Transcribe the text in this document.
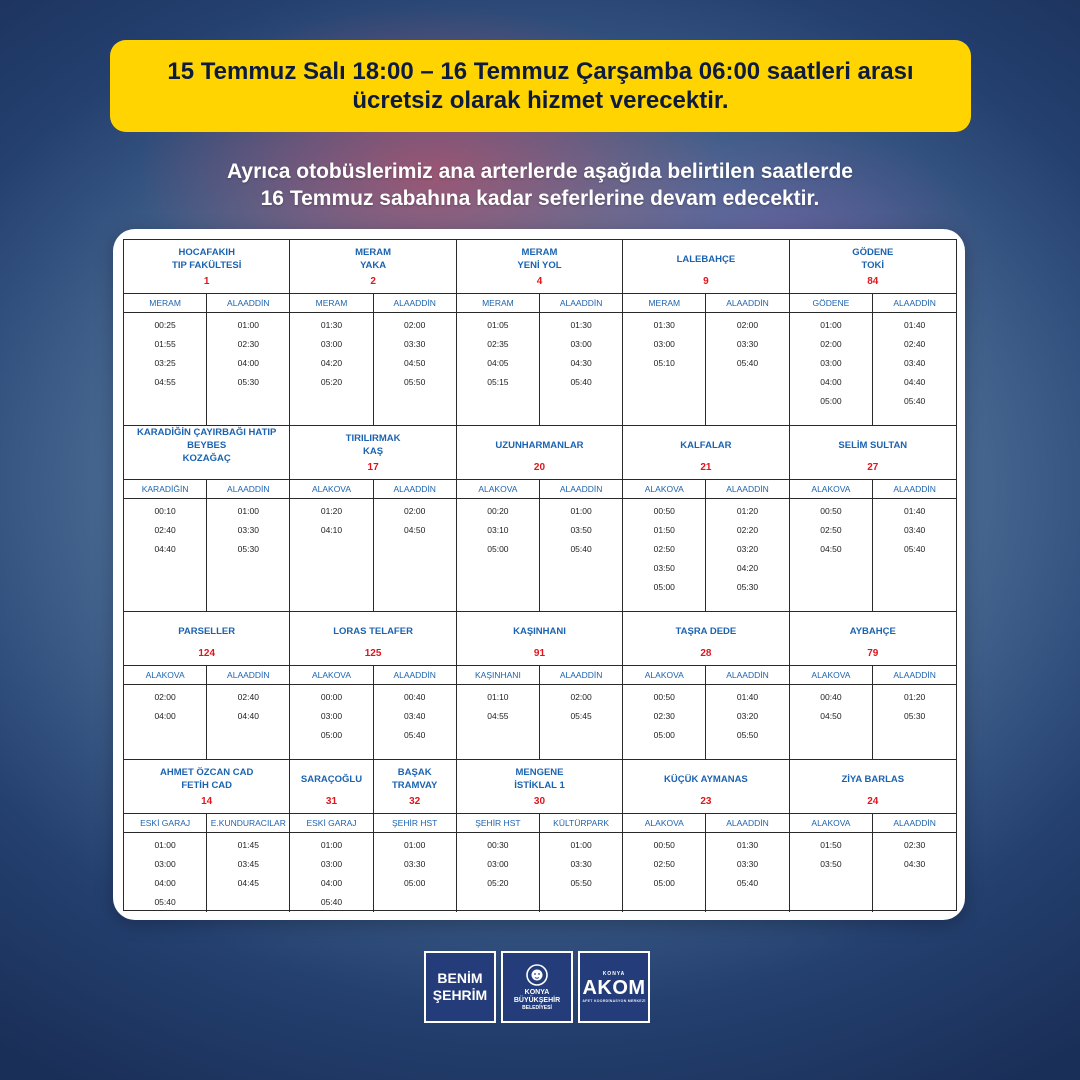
15 Temmuz Salı 18:00 – 16 Temmuz Çarşamba 06:00 saatleri arası
ücretsiz olarak hizmet verecektir.
Ayrıca otobüslerimiz ana arterlerde aşağıda belirtilen saatlerde
16 Temmuz sabahına kadar seferlerine devam edecektir.
HOCAFAKIH
TIP FAKÜLTESİ
1
MERAM
00:25
01:55
03:25
04:55
ALAADDİN
01:00
02:30
04:00
05:30
MERAM
YAKA
2
MERAM
01:30
03:00
04:20
05:20
ALAADDİN
02:00
03:30
04:50
05:50
MERAM
YENİ YOL
4
MERAM
01:05
02:35
04:05
05:15
ALAADDİN
01:30
03:00
04:30
05:40
LALEBAHÇE
9
MERAM
01:30
03:00
05:10
ALAADDİN
02:00
03:30
05:40
GÖDENE
TOKİ
84
GÖDENE
01:00
02:00
03:00
04:00
05:00
ALAADDİN
01:40
02:40
03:40
04:40
05:40
KARADİĞİN ÇAYIRBAĞI HATIP BEYBES
KOZAĞAÇ
KARADİĞİN
00:10
02:40
04:40
ALAADDİN
01:00
03:30
05:30
TIRILIRMAK
KAŞ
17
ALAKOVA
01:20
04:10
ALAADDİN
02:00
04:50
UZUNHARMANLAR
20
ALAKOVA
00:20
03:10
05:00
ALAADDİN
01:00
03:50
05:40
KALFALAR
21
ALAKOVA
00:50
01:50
02:50
03:50
05:00
ALAADDİN
01:20
02:20
03:20
04:20
05:30
SELİM SULTAN
27
ALAKOVA
00:50
02:50
04:50
ALAADDİN
01:40
03:40
05:40
PARSELLER
124
ALAKOVA
02:00
04:00
ALAADDİN
02:40
04:40
LORAS TELAFER
125
ALAKOVA
00:00
03:00
05:00
ALAADDİN
00:40
03:40
05:40
KAŞINHANI
91
KAŞINHANI
01:10
04:55
ALAADDİN
02:00
05:45
TAŞRA DEDE
28
ALAKOVA
00:50
02:30
05:00
ALAADDİN
01:40
03:20
05:50
AYBAHÇE
79
ALAKOVA
00:40
04:50
ALAADDİN
01:20
05:30
AHMET ÖZCAN CAD
FETİH CAD
14
ESKİ GARAJ
01:00
03:00
04:00
05:40
E.KUNDURACILAR
01:45
03:45
04:45
SARAÇOĞLU
31
BAŞAK
TRAMVAY
32
ESKİ GARAJ
01:00
03:00
04:00
05:40
ŞEHİR HST
01:00
03:30
05:00
MENGENE
İSTİKLAL 1
30
ŞEHİR HST
00:30
03:00
05:20
KÜLTÜRPARK
01:00
03:30
05:50
KÜÇÜK AYMANAS
23
ALAKOVA
00:50
02:50
05:00
ALAADDİN
01:30
03:30
05:40
ZİYA BARLAS
24
ALAKOVA
01:50
03:50
ALAADDİN
02:30
04:30
BENİM
ŞEHRİM	KONYA
BÜYÜKŞEHİR
BELEDİYESİ
KONYA
AKOM
AFET KOORDİNASYON MERKEZİ
